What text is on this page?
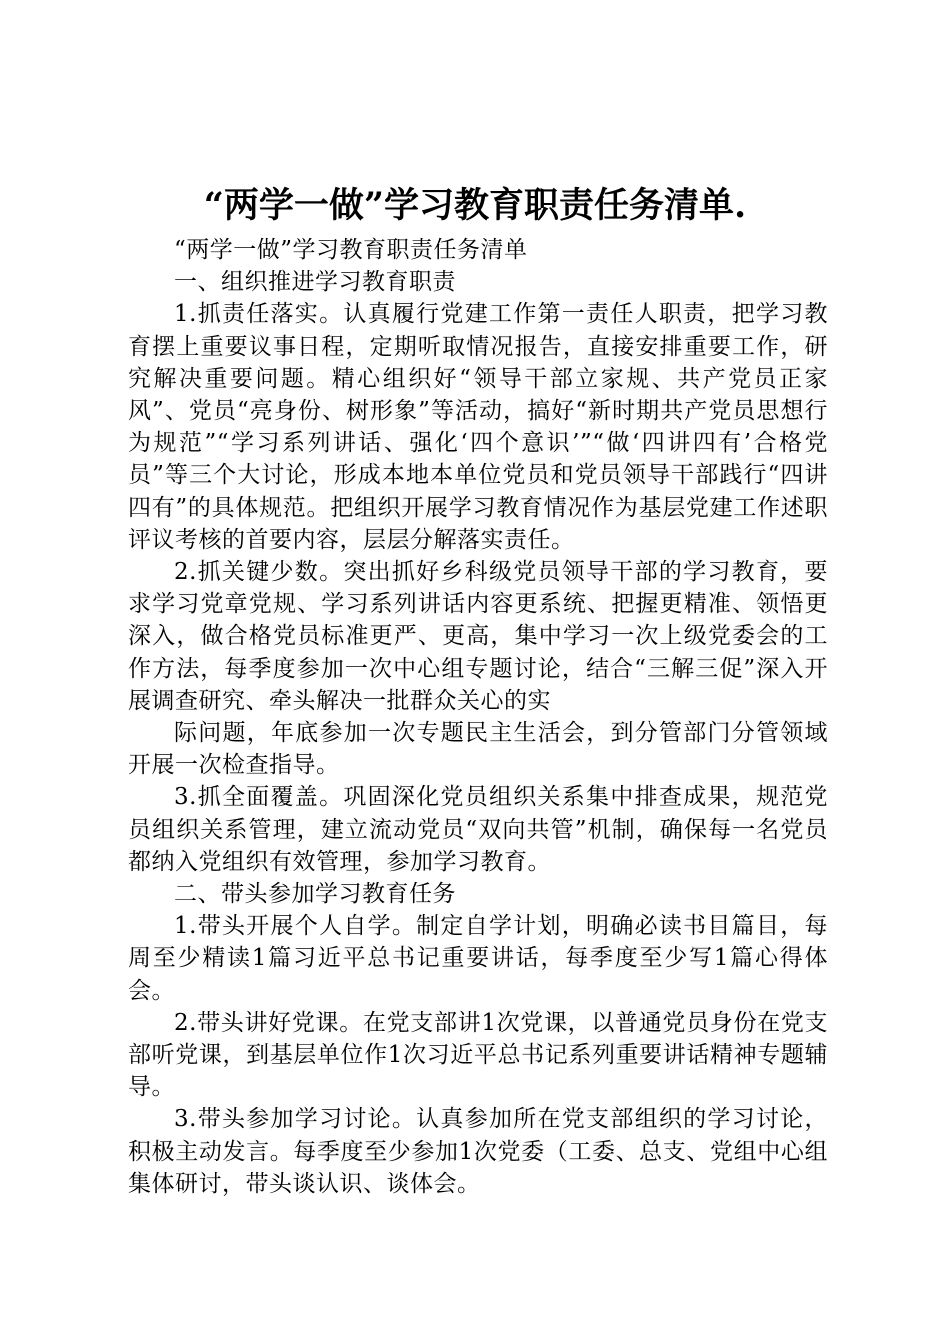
“两学一做”学习教育职责任务清单.

“两学一做”学习教育职责任务清单

一、组织推进学习教育职责

1.抓责任落实。认真履行党建工作第一责任人职责，把学习教育摆上重要议事日程，定期听取情况报告，直接安排重要工作，研究解决重要问题。精心组织好“领导干部立家规、共产党员正家风”、党员“亮身份、树形象”等活动，搞好“新时期共产党员思想行为规范”“学习系列讲话、强化‘四个意识’”“做‘四讲四有’合格党员”等三个大讨论，形成本地本单位党员和党员领导干部践行“四讲四有”的具体规范。把组织开展学习教育情况作为基层党建工作述职评议考核的首要内容，层层分解落实责任。

2.抓关键少数。突出抓好乡科级党员领导干部的学习教育，要求学习党章党规、学习系列讲话内容更系统、把握更精准、领悟更深入，做合格党员标准更严、更高，集中学习一次上级党委会的工作方法，每季度参加一次中心组专题讨论，结合“三解三促”深入开展调查研究、牵头解决一批群众关心的实

际问题，年底参加一次专题民主生活会，到分管部门分管领域开展一次检查指导。

3.抓全面覆盖。巩固深化党员组织关系集中排查成果，规范党员组织关系管理，建立流动党员“双向共管”机制，确保每一名党员都纳入党组织有效管理，参加学习教育。

二、带头参加学习教育任务

1.带头开展个人自学。制定自学计划，明确必读书目篇目，每周至少精读1篇习近平总书记重要讲话，每季度至少写1篇心得体会。

2.带头讲好党课。在党支部讲1次党课，以普通党员身份在党支部听党课，到基层单位作1次习近平总书记系列重要讲话精神专题辅导。

3.带头参加学习讨论。认真参加所在党支部组织的学习讨论，积极主动发言。每季度至少参加1次党委（工委、总支、党组中心组集体研讨，带头谈认识、谈体会。
